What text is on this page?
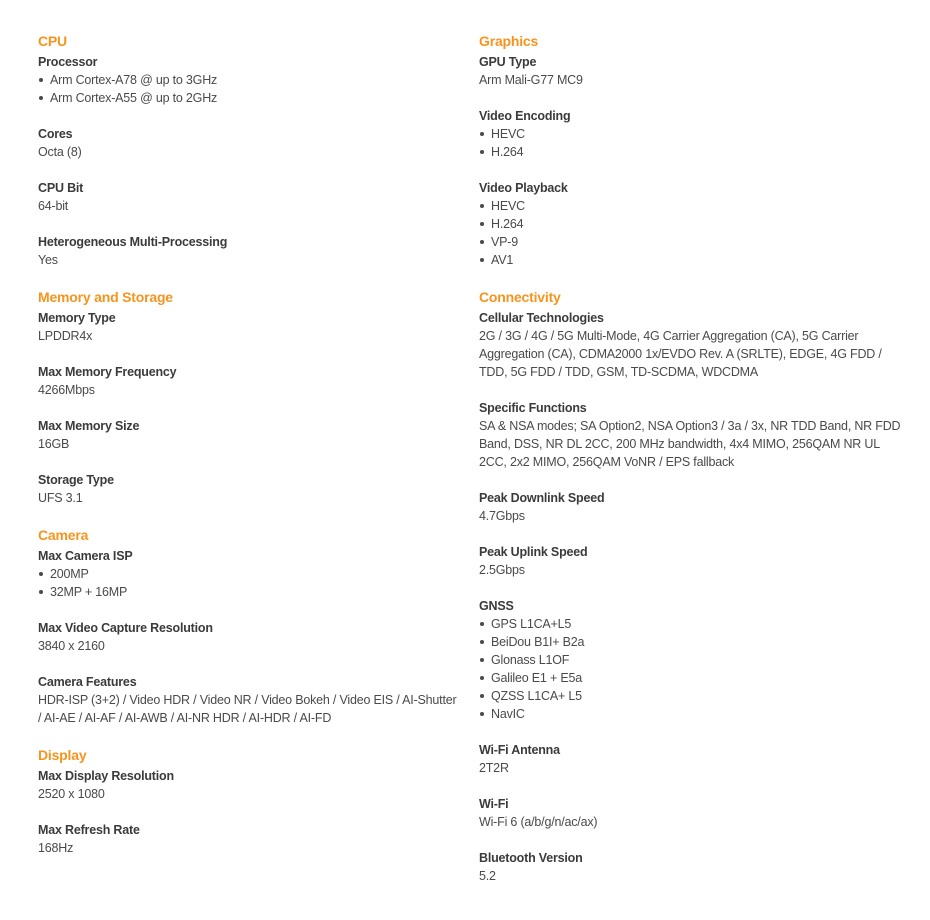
CPU
Processor
Arm Cortex-A78 @ up to 3GHz
Arm Cortex-A55 @ up to 2GHz
Cores
Octa (8)
CPU Bit
64-bit
Heterogeneous Multi-Processing
Yes
Memory and Storage
Memory Type
LPDDR4x
Max Memory Frequency
4266Mbps
Max Memory Size
16GB
Storage Type
UFS 3.1
Camera
Max Camera ISP
200MP
32MP + 16MP
Max Video Capture Resolution
3840 x 2160
Camera Features
HDR-ISP (3+2) / Video HDR / Video NR / Video Bokeh / Video EIS / AI-Shutter / AI-AE / AI-AF / AI-AWB / AI-NR HDR / AI-HDR / AI-FD
Display
Max Display Resolution
2520 x 1080
Max Refresh Rate
168Hz
Graphics
GPU Type
Arm Mali-G77 MC9
Video Encoding
HEVC
H.264
Video Playback
HEVC
H.264
VP-9
AV1
Connectivity
Cellular Technologies
2G / 3G / 4G / 5G Multi-Mode, 4G Carrier Aggregation (CA), 5G Carrier Aggregation (CA), CDMA2000 1x/EVDO Rev. A (SRLTE), EDGE, 4G FDD / TDD, 5G FDD / TDD, GSM, TD-SCDMA, WDCDMA
Specific Functions
SA & NSA modes; SA Option2, NSA Option3 / 3a / 3x, NR TDD Band, NR FDD Band, DSS, NR DL 2CC, 200 MHz bandwidth, 4x4 MIMO, 256QAM NR UL 2CC, 2x2 MIMO, 256QAM VoNR / EPS fallback
Peak Downlink Speed
4.7Gbps
Peak Uplink Speed
2.5Gbps
GNSS
GPS L1CA+L5
BeiDou B1I+ B2a
Glonass L1OF
Galileo E1 + E5a
QZSS L1CA+ L5
NavIC
Wi-Fi Antenna
2T2R
Wi-Fi
Wi-Fi 6 (a/b/g/n/ac/ax)
Bluetooth Version
5.2
